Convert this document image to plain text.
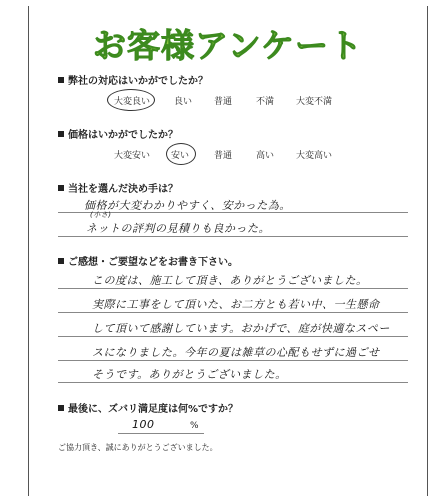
お客様アンケート
弊社の対応はいかがでしたか？
大変良い	良い 普通	不満 大変不満
価格はいかがでしたか？
大変安い 安い	普通	高い 大変高い
当社を選んだ決め手は？
価格が大変わかりやすく、安かった為。
(小さ)
ネットの評判の見積りも良かった。
ご感想・ご要望などをお書き下さい。
この度は、施工して頂き、ありがとうございました。
実際に工事をして頂いた、お二方とも若い中、一生懸命
して頂いて感謝しています。おかげで、庭が快適なスペー
スになりました。今年の夏は雑草の心配もせずに過ごせ
そうです。ありがとうございました。
最後に、ズバリ満足度は何%ですか？
100	%
ご協力頂き、誠にありがとうございました。
